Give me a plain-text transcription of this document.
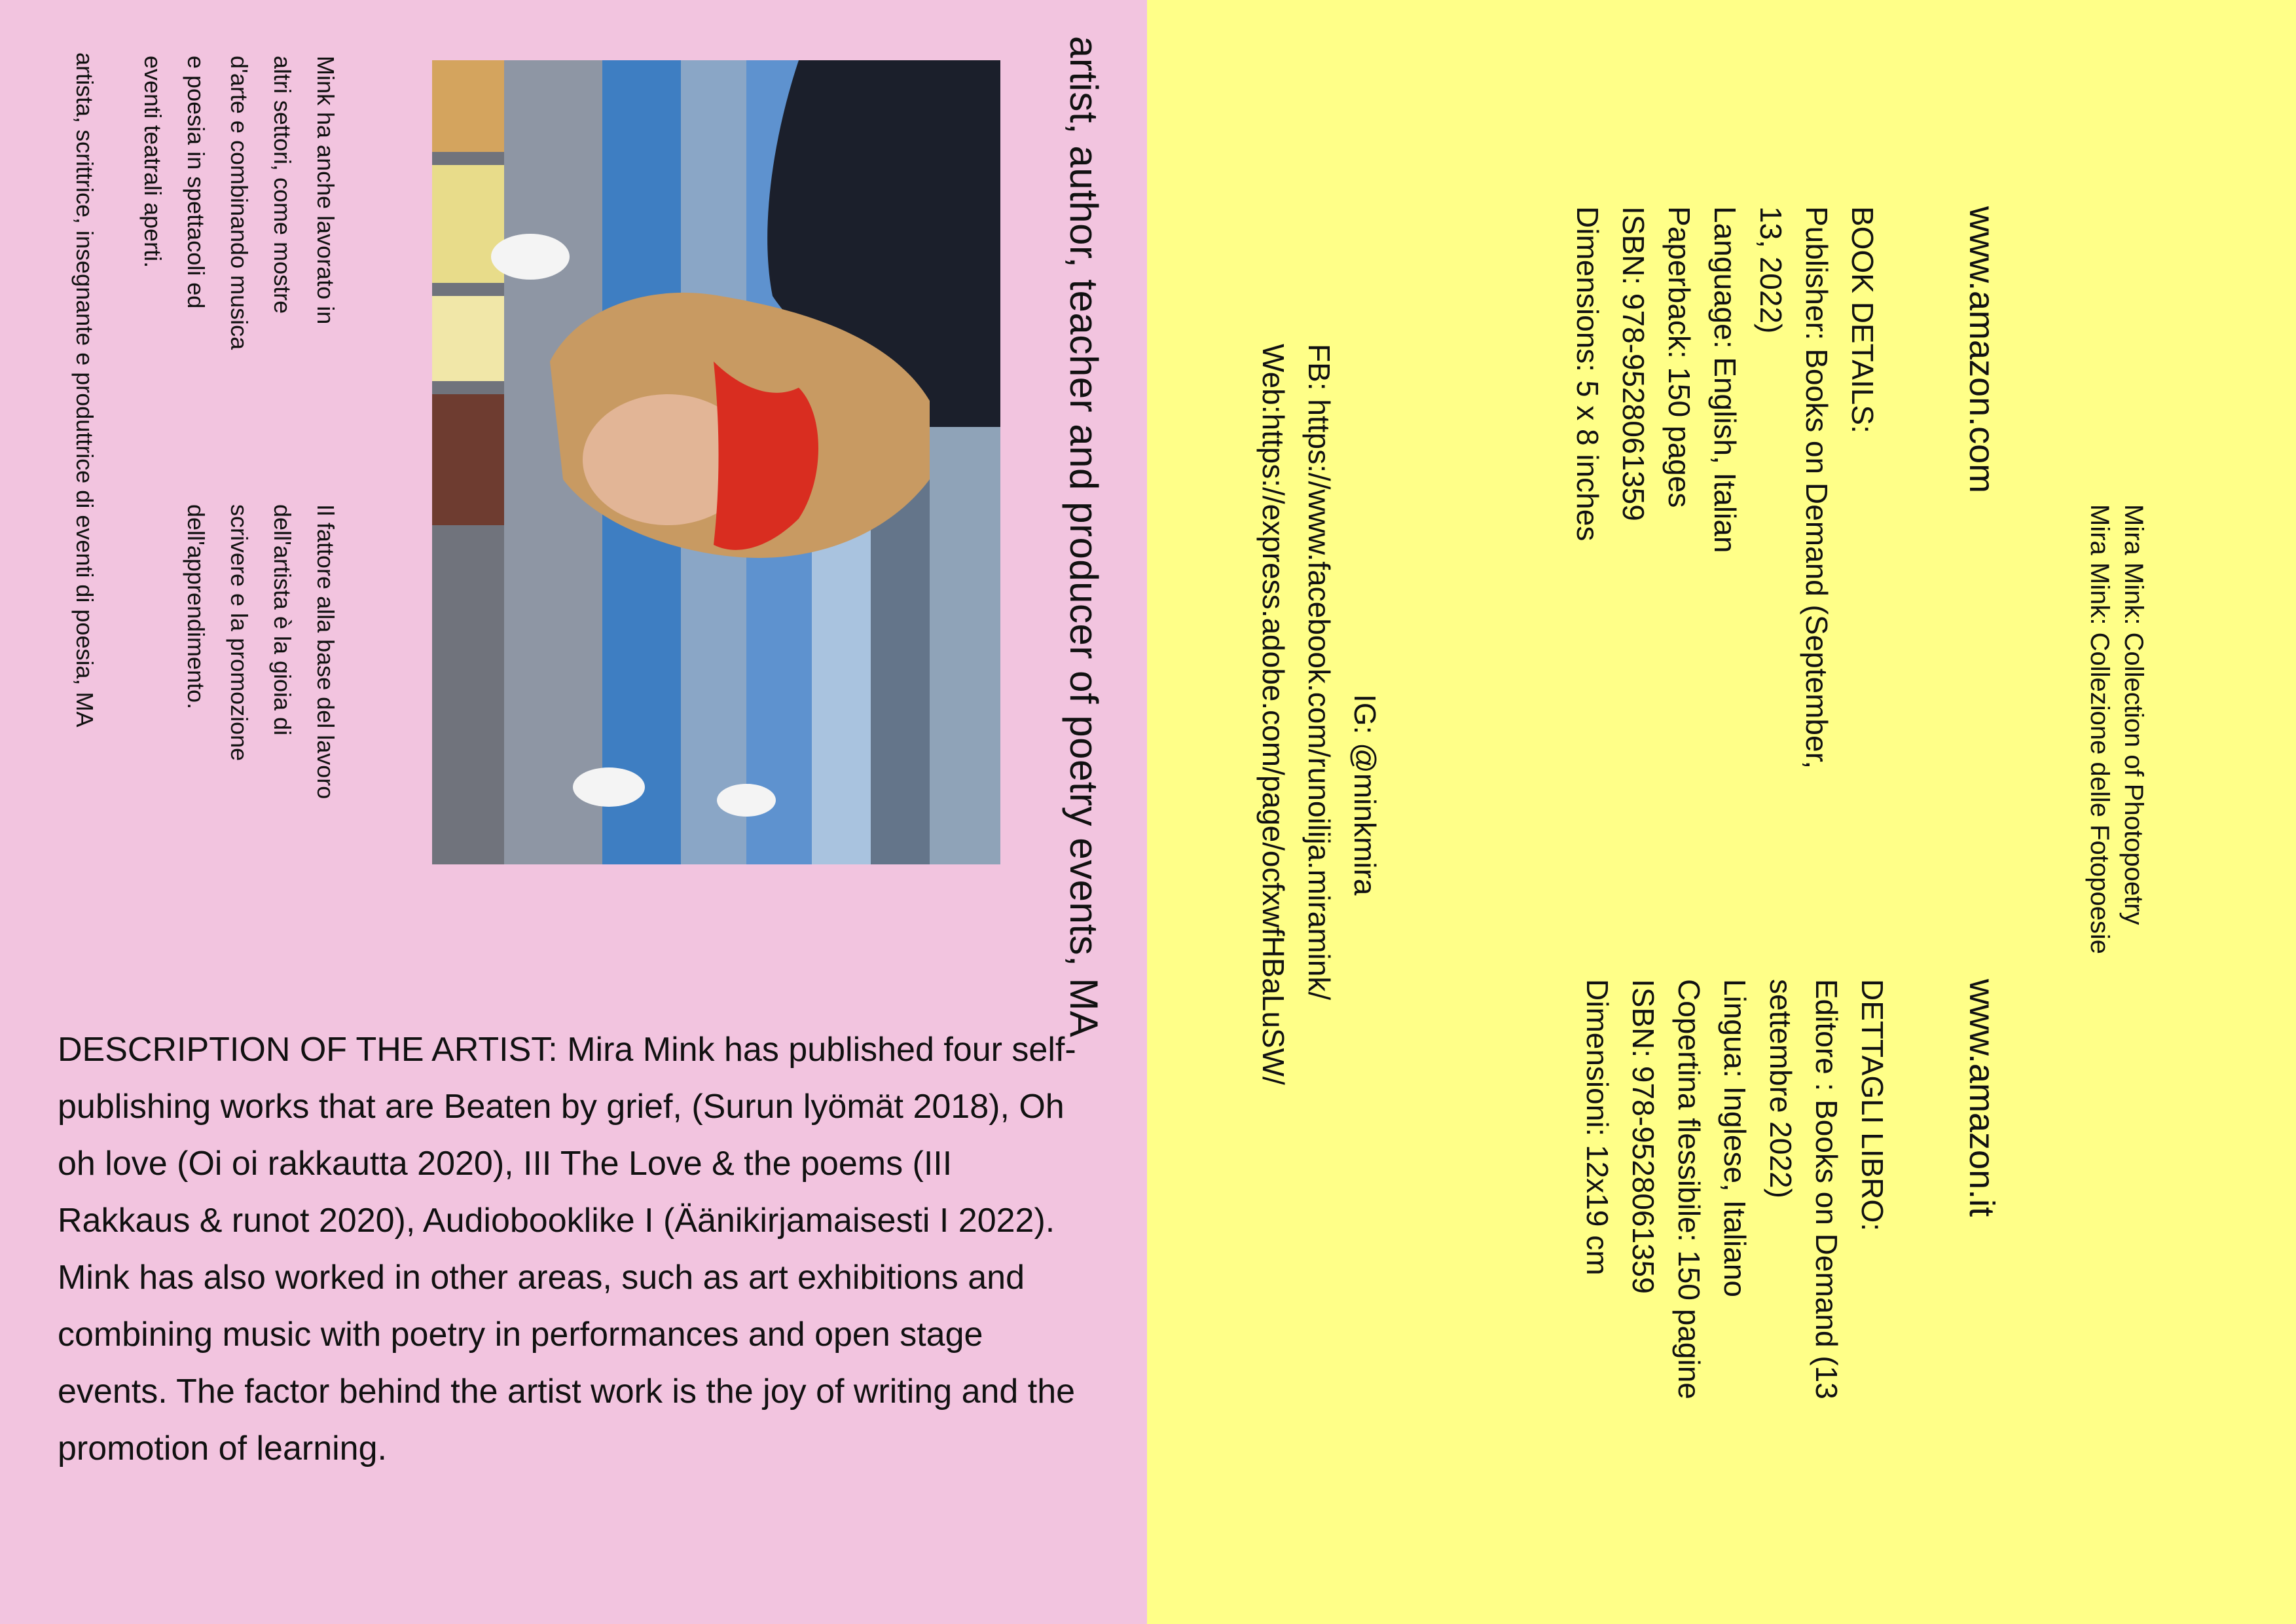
artist, author, teacher and producer of poetry events, MA
Mink ha anche lavorato in
altri settori, come mostre
d'arte e combinando musica
e poesia in spettacoli ed
eventi teatrali aperti.
Il fattore alla base del lavoro
dell'artista è la gioia di
scrivere e la promozione
dell'apprendimento.
artista, scrittrice, insegnante e produttrice di eventi di poesia, MA

DESCRIPTION OF THE ARTIST: Mira Mink has published four self-publishing works that are Beaten by grief, (Surun lyömät 2018), Oh oh love (Oi oi rakkautta 2020), III The Love & the poems (III Rakkaus & runot 2020), Audiobooklike I (Äänikirjamaisesti I 2022).

Mink has also worked in other areas, such as art exhibitions and combining music with poetry in performances and open stage events. The factor behind the artist work is the joy of writing and the promotion of learning.

Mira Mink: Collection of Photopoetry
Mira Mink: Collezione delle Fotopoesie
www.amazon.com
BOOK DETAILS:
Publisher: Books on Demand (September,
13, 2022)
Language: English, Italian
Paperback: 150 pages
ISBN: 978-9528061359
Dimensions: 5 x 8 inches
www.amazon.it
DETTAGLI LIBRO:
Editore : Books on Demand (13
settembre 2022)
Lingua: Inglese, Italiano
Copertina flessibile: 150 pagine
ISBN: 978-9528061359
Dimensioni: 12x19 cm
IG: @minkmira
FB: https://www.facebook.com/runoilija.miramink/
Web:https://express.adobe.com/page/ocfxwfHBaLuSW/
